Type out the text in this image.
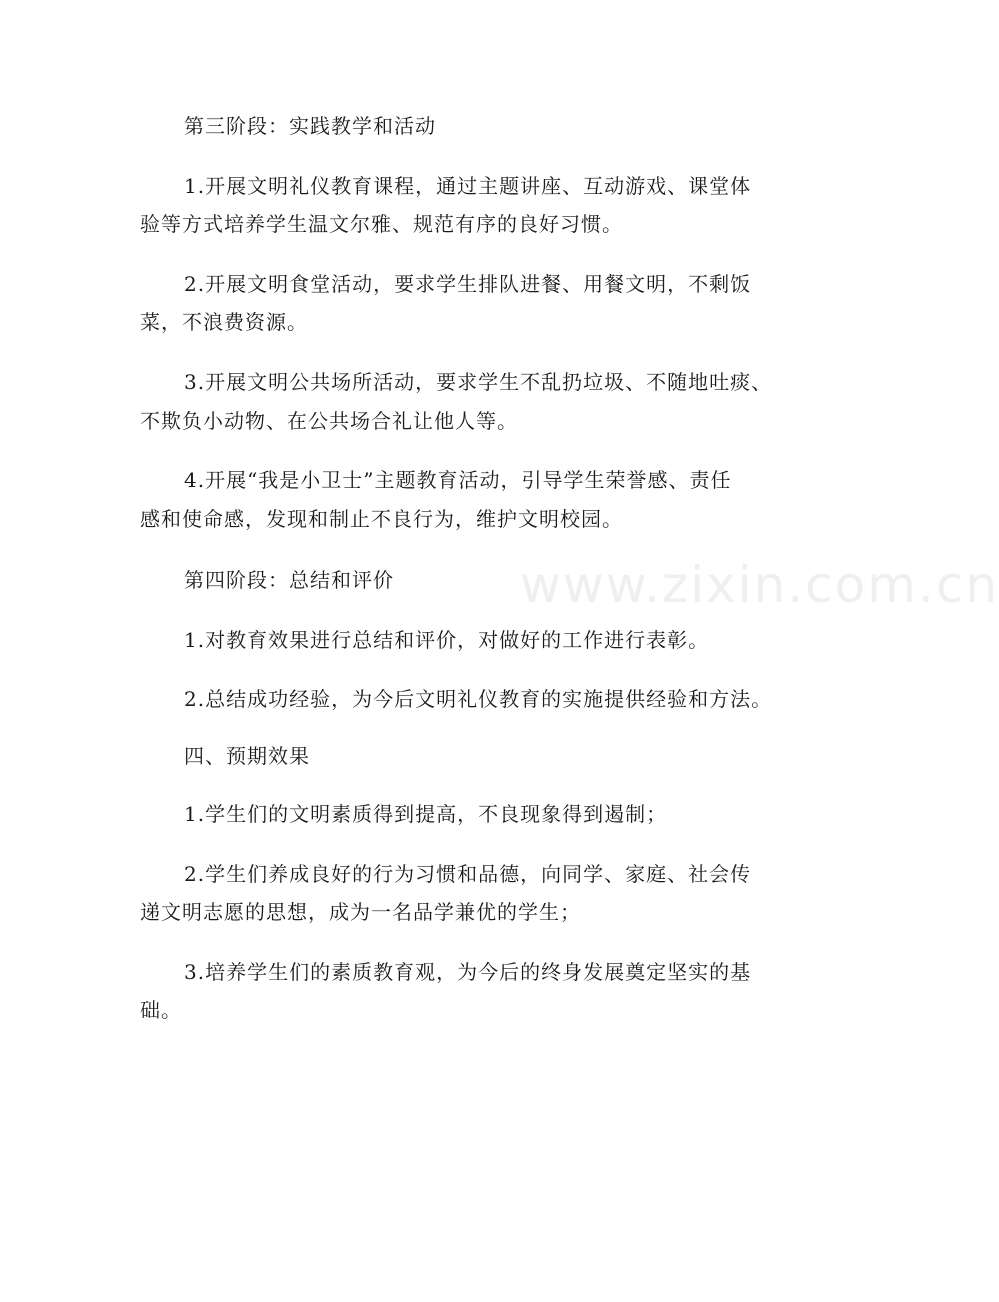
第三阶段：实践教学和活动
1.开展文明礼仪教育课程，通过主题讲座、互动游戏、课堂体
验等方式培养学生温文尔雅、规范有序的良好习惯。
2.开展文明食堂活动，要求学生排队进餐、用餐文明，不剩饭
菜，不浪费资源。
3.开展文明公共场所活动，要求学生不乱扔垃圾、不随地吐痰、
不欺负小动物、在公共场合礼让他人等。
4.开展“我是小卫士”主题教育活动，引导学生荣誉感、责任
感和使命感，发现和制止不良行为，维护文明校园。
第四阶段：总结和评价
1.对教育效果进行总结和评价，对做好的工作进行表彰。
2.总结成功经验，为今后文明礼仪教育的实施提供经验和方法。
四、预期效果
1.学生们的文明素质得到提高，不良现象得到遏制；
2.学生们养成良好的行为习惯和品德，向同学、家庭、社会传
递文明志愿的思想，成为一名品学兼优的学生；
3.培养学生们的素质教育观，为今后的终身发展奠定坚实的基
础。
www.zixin.com.cn
